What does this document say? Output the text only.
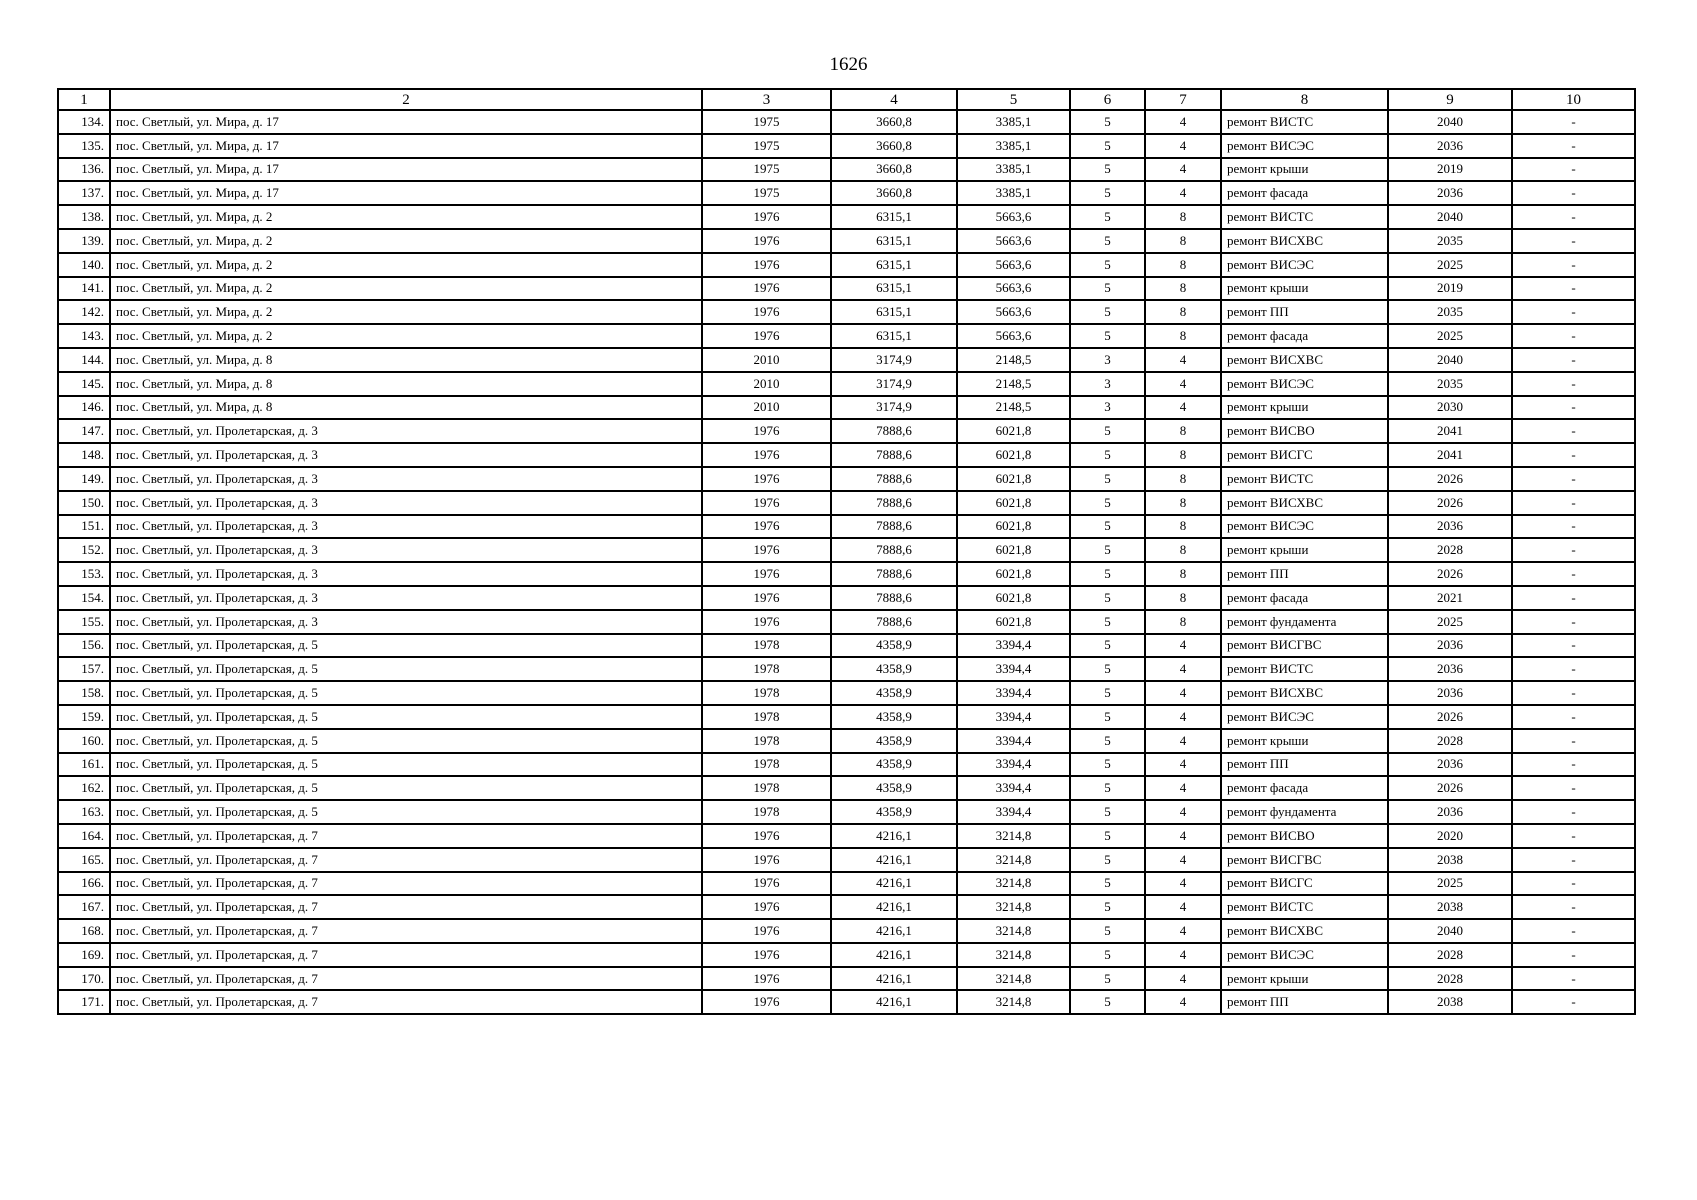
1626
1	2	3	4	5	6	7	8	9	10
134.	пос. Светлый, ул. Мира, д. 17	1975	3660,8	3385,1	5	4	ремонт ВИСТС	2040	-
135.	пос. Светлый, ул. Мира, д. 17	1975	3660,8	3385,1	5	4	ремонт ВИСЭС	2036	-
136.	пос. Светлый, ул. Мира, д. 17	1975	3660,8	3385,1	5	4	ремонт крыши	2019	-
137.	пос. Светлый, ул. Мира, д. 17	1975	3660,8	3385,1	5	4	ремонт фасада	2036	-
138.	пос. Светлый, ул. Мира, д. 2	1976	6315,1	5663,6	5	8	ремонт ВИСТС	2040	-
139.	пос. Светлый, ул. Мира, д. 2	1976	6315,1	5663,6	5	8	ремонт ВИСХВС	2035	-
140.	пос. Светлый, ул. Мира, д. 2	1976	6315,1	5663,6	5	8	ремонт ВИСЭС	2025	-
141.	пос. Светлый, ул. Мира, д. 2	1976	6315,1	5663,6	5	8	ремонт крыши	2019	-
142.	пос. Светлый, ул. Мира, д. 2	1976	6315,1	5663,6	5	8	ремонт ПП	2035	-
143.	пос. Светлый, ул. Мира, д. 2	1976	6315,1	5663,6	5	8	ремонт фасада	2025	-
144.	пос. Светлый, ул. Мира, д. 8	2010	3174,9	2148,5	3	4	ремонт ВИСХВС	2040	-
145.	пос. Светлый, ул. Мира, д. 8	2010	3174,9	2148,5	3	4	ремонт ВИСЭС	2035	-
146.	пос. Светлый, ул. Мира, д. 8	2010	3174,9	2148,5	3	4	ремонт крыши	2030	-
147.	пос. Светлый, ул. Пролетарская, д. 3	1976	7888,6	6021,8	5	8	ремонт ВИСВО	2041	-
148.	пос. Светлый, ул. Пролетарская, д. 3	1976	7888,6	6021,8	5	8	ремонт ВИСГС	2041	-
149.	пос. Светлый, ул. Пролетарская, д. 3	1976	7888,6	6021,8	5	8	ремонт ВИСТС	2026	-
150.	пос. Светлый, ул. Пролетарская, д. 3	1976	7888,6	6021,8	5	8	ремонт ВИСХВС	2026	-
151.	пос. Светлый, ул. Пролетарская, д. 3	1976	7888,6	6021,8	5	8	ремонт ВИСЭС	2036	-
152.	пос. Светлый, ул. Пролетарская, д. 3	1976	7888,6	6021,8	5	8	ремонт крыши	2028	-
153.	пос. Светлый, ул. Пролетарская, д. 3	1976	7888,6	6021,8	5	8	ремонт ПП	2026	-
154.	пос. Светлый, ул. Пролетарская, д. 3	1976	7888,6	6021,8	5	8	ремонт фасада	2021	-
155.	пос. Светлый, ул. Пролетарская, д. 3	1976	7888,6	6021,8	5	8	ремонт фундамента	2025	-
156.	пос. Светлый, ул. Пролетарская, д. 5	1978	4358,9	3394,4	5	4	ремонт ВИСГВС	2036	-
157.	пос. Светлый, ул. Пролетарская, д. 5	1978	4358,9	3394,4	5	4	ремонт ВИСТС	2036	-
158.	пос. Светлый, ул. Пролетарская, д. 5	1978	4358,9	3394,4	5	4	ремонт ВИСХВС	2036	-
159.	пос. Светлый, ул. Пролетарская, д. 5	1978	4358,9	3394,4	5	4	ремонт ВИСЭС	2026	-
160.	пос. Светлый, ул. Пролетарская, д. 5	1978	4358,9	3394,4	5	4	ремонт крыши	2028	-
161.	пос. Светлый, ул. Пролетарская, д. 5	1978	4358,9	3394,4	5	4	ремонт ПП	2036	-
162.	пос. Светлый, ул. Пролетарская, д. 5	1978	4358,9	3394,4	5	4	ремонт фасада	2026	-
163.	пос. Светлый, ул. Пролетарская, д. 5	1978	4358,9	3394,4	5	4	ремонт фундамента	2036	-
164.	пос. Светлый, ул. Пролетарская, д. 7	1976	4216,1	3214,8	5	4	ремонт ВИСВО	2020	-
165.	пос. Светлый, ул. Пролетарская, д. 7	1976	4216,1	3214,8	5	4	ремонт ВИСГВС	2038	-
166.	пос. Светлый, ул. Пролетарская, д. 7	1976	4216,1	3214,8	5	4	ремонт ВИСГС	2025	-
167.	пос. Светлый, ул. Пролетарская, д. 7	1976	4216,1	3214,8	5	4	ремонт ВИСТС	2038	-
168.	пос. Светлый, ул. Пролетарская, д. 7	1976	4216,1	3214,8	5	4	ремонт ВИСХВС	2040	-
169.	пос. Светлый, ул. Пролетарская, д. 7	1976	4216,1	3214,8	5	4	ремонт ВИСЭС	2028	-
170.	пос. Светлый, ул. Пролетарская, д. 7	1976	4216,1	3214,8	5	4	ремонт крыши	2028	-
171.	пос. Светлый, ул. Пролетарская, д. 7	1976	4216,1	3214,8	5	4	ремонт ПП	2038	-
